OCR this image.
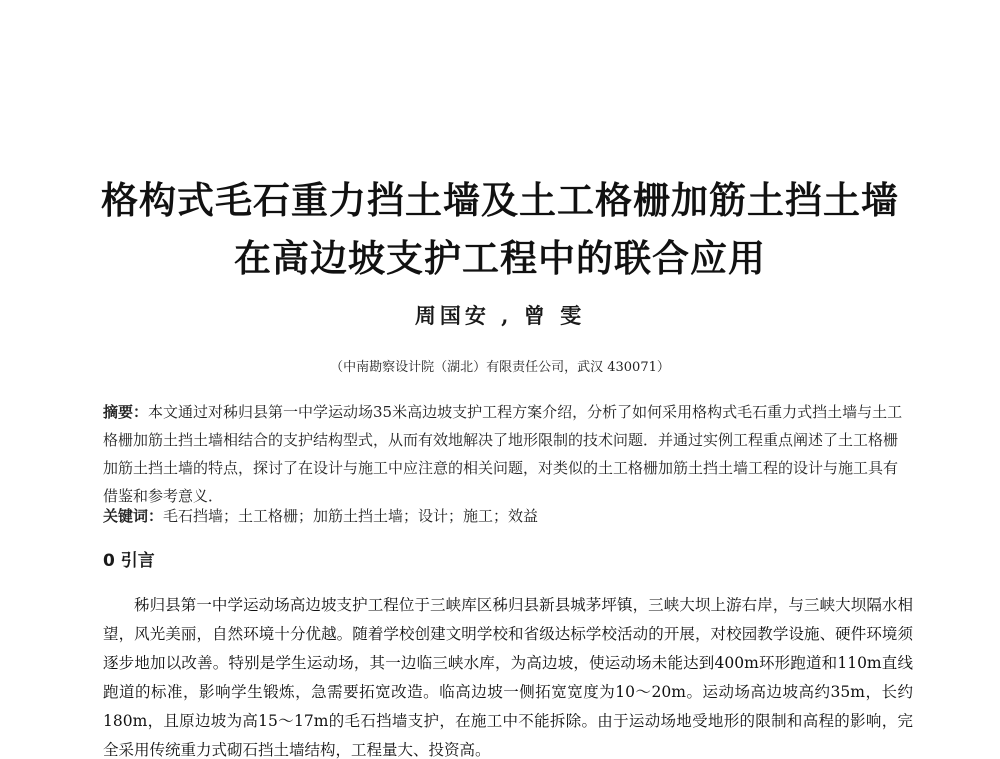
格构式毛石重力挡土墙及土工格栅加筋土挡土墙
在高边坡支护工程中的联合应用
周国安 , 曾 雯
（中南勘察设计院（湖北）有限责任公司，武汉 430071）
摘要：本文通过对秭归县第一中学运动场35米高边坡支护工程方案介绍，分析了如何采用格构式毛石重力式挡土墙与土工格栅加筋土挡土墙相结合的支护结构型式，从而有效地解决了地形限制的技术问题．并通过实例工程重点阐述了土工格栅加筋土挡土墙的特点，探讨了在设计与施工中应注意的相关问题，对类似的土工格栅加筋土挡土墙工程的设计与施工具有借鉴和参考意义．
关键词：毛石挡墙；土工格栅；加筋土挡土墙；设计；施工；效益
0 引言
秭归县第一中学运动场高边坡支护工程位于三峡库区秭归县新县城茅坪镇，三峡大坝上游右岸，与三峡大坝隔水相望，风光美丽，自然环境十分优越。随着学校创建文明学校和省级达标学校活动的开展，对校园教学设施、硬件环境须逐步地加以改善。特别是学生运动场，其一边临三峡水库，为高边坡，使运动场未能达到400m环形跑道和110m直线跑道的标准，影响学生锻炼，急需要拓宽改造。临高边坡一侧拓宽宽度为10～20m。运动场高边坡高约35m，长约180m，且原边坡为高15～17m的毛石挡墙支护，在施工中不能拆除。由于运动场地受地形的限制和高程的影响，完全采用传统重力式砌石挡土墙结构，工程量大、投资高。
